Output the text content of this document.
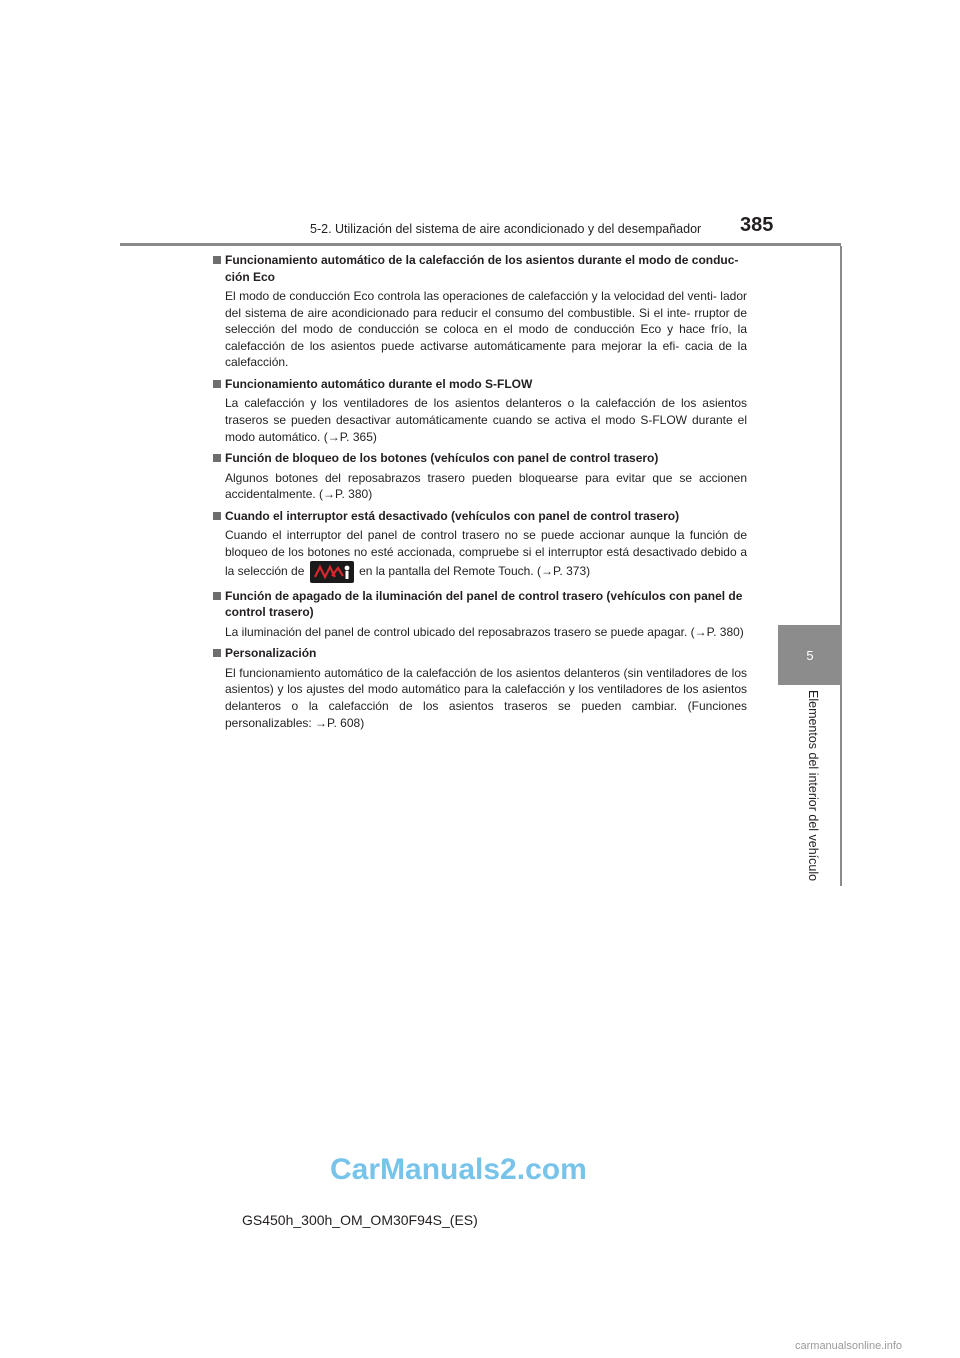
5-2. Utilización del sistema de aire acondicionado y del desempañador 385
5
Elementos del interior del vehículo
Funcionamiento automático de la calefacción de los asientos durante el modo de conduc- ción Eco
El modo de conducción Eco controla las operaciones de calefacción y la velocidad del venti- lador del sistema de aire acondicionado para reducir el consumo del combustible. Si el inte- rruptor de selección del modo de conducción se coloca en el modo de conducción Eco y hace frío, la calefacción de los asientos puede activarse automáticamente para mejorar la efi- cacia de la calefacción.
Funcionamiento automático durante el modo S-FLOW
La calefacción y los ventiladores de los asientos delanteros o la calefacción de los asientos traseros se pueden desactivar automáticamente cuando se activa el modo S-FLOW durante el modo automático. (→P. 365)
Función de bloqueo de los botones (vehículos con panel de control trasero)
Algunos botones del reposabrazos trasero pueden bloquearse para evitar que se accionen accidentalmente. (→P. 380)
Cuando el interruptor está desactivado (vehículos con panel de control trasero)
Cuando el interruptor del panel de control trasero no se puede accionar aunque la función de bloqueo de los botones no esté accionada, compruebe si el interruptor está desactivado debido a la selección de	en la pantalla del Remote Touch. (→P. 373)
Función de apagado de la iluminación del panel de control trasero (vehículos con panel de control trasero)
La iluminación del panel de control ubicado del reposabrazos trasero se puede apagar. (→P. 380)
Personalización
El funcionamiento automático de la calefacción de los asientos delanteros (sin ventiladores de los asientos) y los ajustes del modo automático para la calefacción y los ventiladores de los asientos delanteros o la calefacción de los asientos traseros se pueden cambiar. (Funciones personalizables: →P. 608)
CarManuals2.com
GS450h_300h_OM_OM30F94S_(ES)
carmanualsonline.info
